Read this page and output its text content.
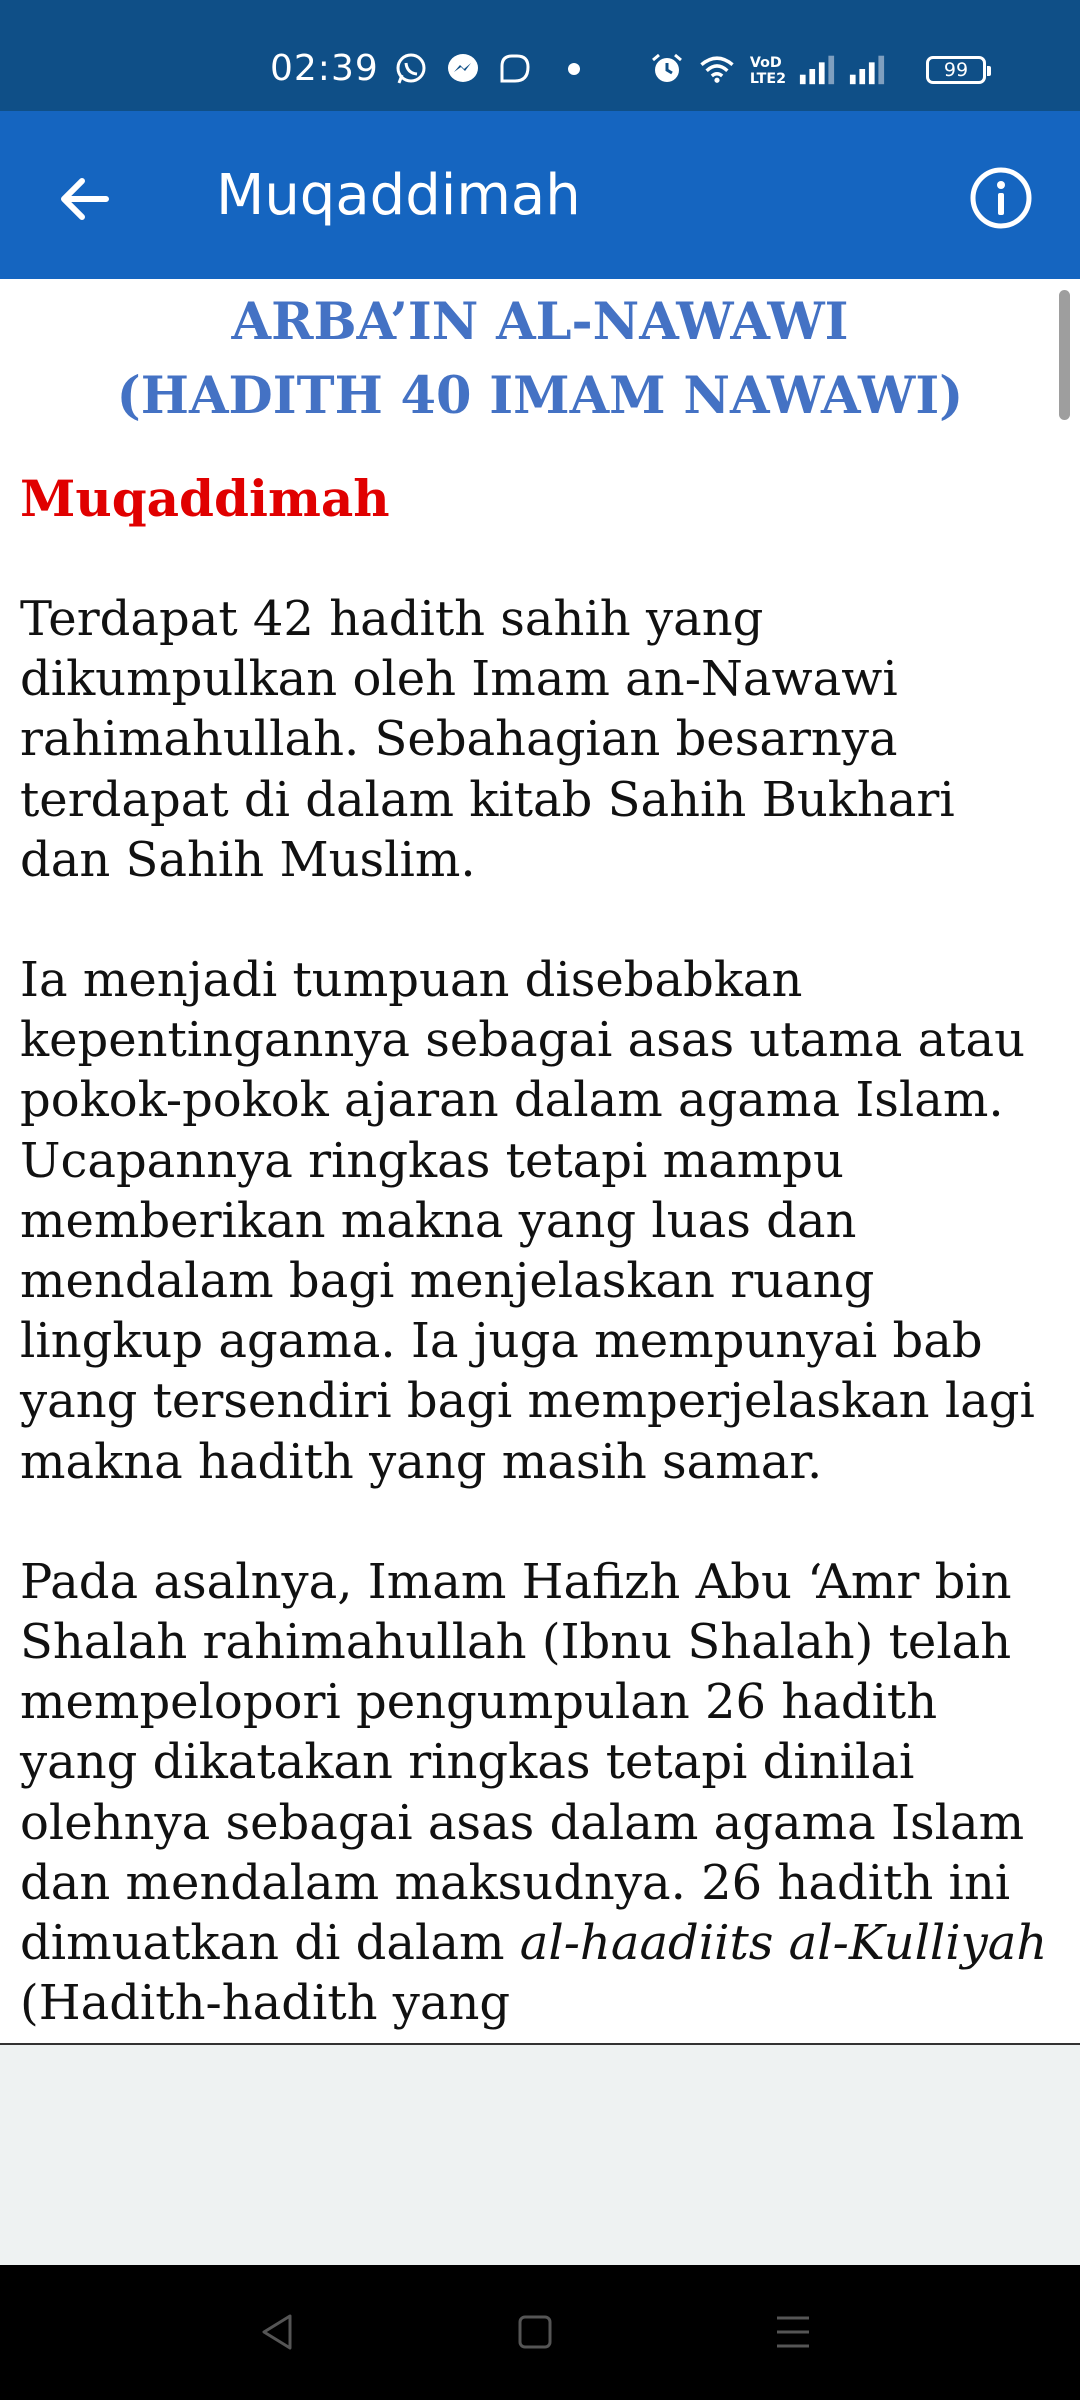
02:39	VoD
LTE2	99
Muqaddimah
ARBA’IN AL-NAWAWI
(HADITH 40 IMAM NAWAWI)
Muqaddimah

Terdapat 42 hadith sahih yang dikumpulkan oleh Imam an-Nawawi rahimahullah. Sebahagian besarnya terdapat di dalam kitab Sahih Bukhari dan Sahih Muslim.

Ia menjadi tumpuan disebabkan kepentingannya sebagai asas utama atau pokok-pokok ajaran dalam agama Islam. Ucapannya ringkas tetapi mampu memberikan makna yang luas dan mendalam bagi menjelaskan ruang lingkup agama. Ia juga mempunyai bab yang tersendiri bagi memperjelaskan lagi makna hadith yang masih samar.

Pada asalnya, Imam Hafizh Abu ‘Amr bin Shalah rahimahullah (Ibnu Shalah) telah mempelopori pengumpulan 26 hadith yang dikatakan ringkas tetapi dinilai olehnya sebagai asas dalam agama Islam dan mendalam maksudnya. 26 hadith ini dimuatkan di dalam al-haadiits al-Kulliyah (Hadith-hadith yang
